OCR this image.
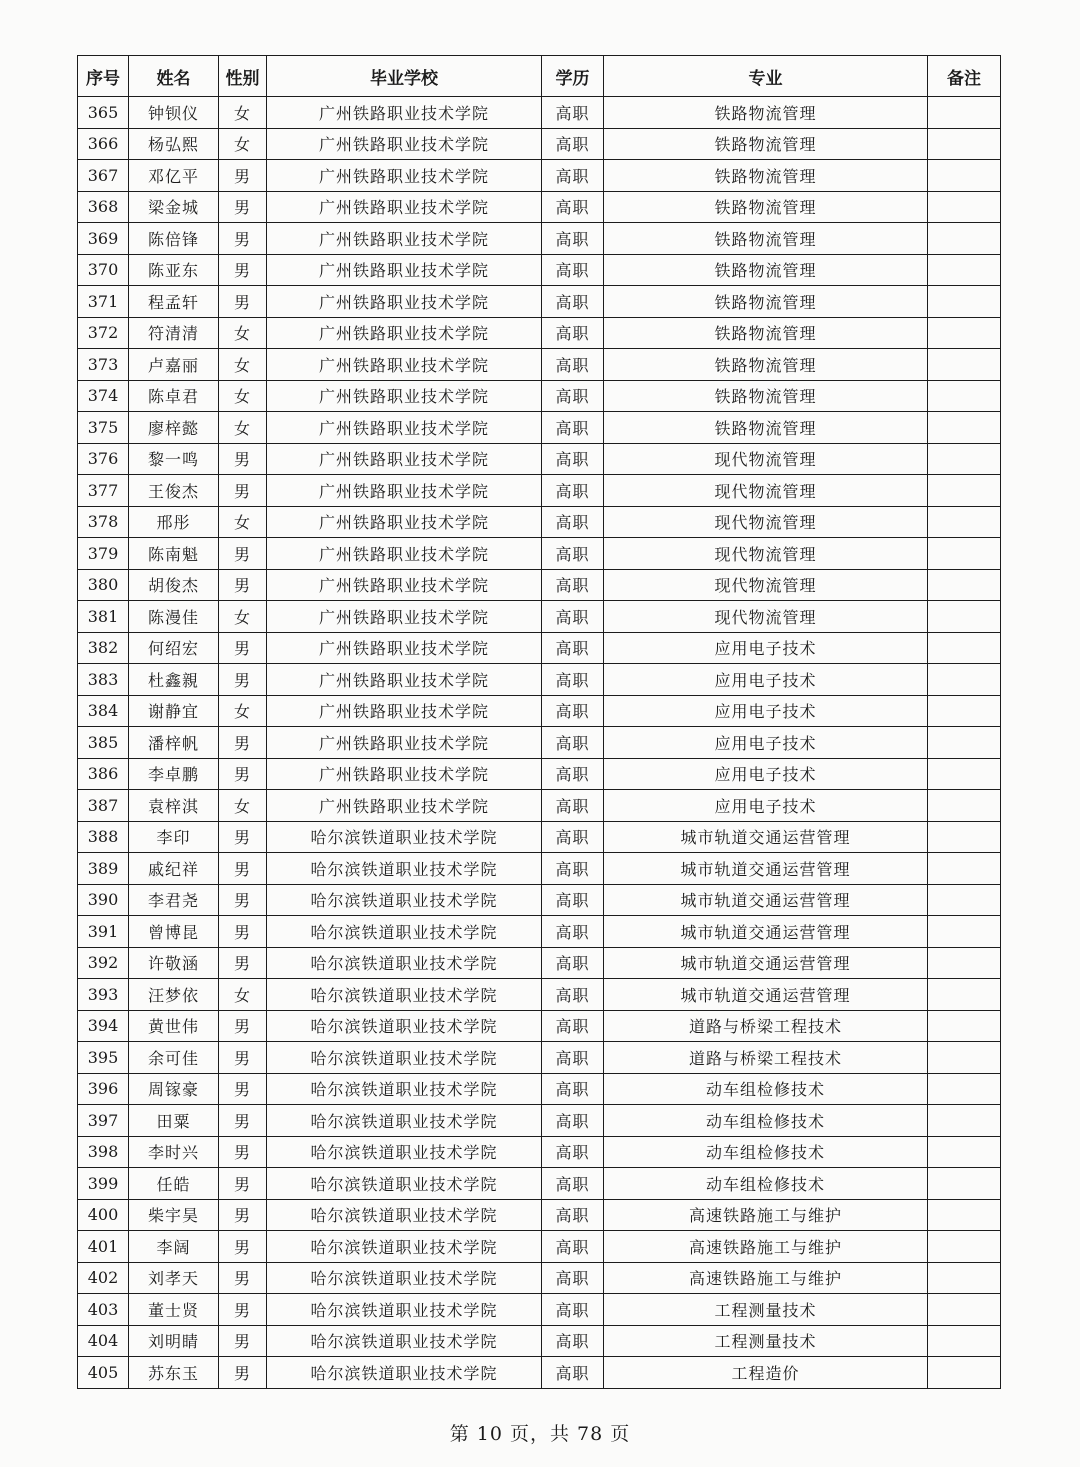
序号	姓名	性别	毕业学校	学历	专业	备注
365	钟钡仪	女	广州铁路职业技术学院	高职	铁路物流管理	
366	杨弘熙	女	广州铁路职业技术学院	高职	铁路物流管理	
367	邓亿平	男	广州铁路职业技术学院	高职	铁路物流管理	
368	梁金城	男	广州铁路职业技术学院	高职	铁路物流管理	
369	陈倍锋	男	广州铁路职业技术学院	高职	铁路物流管理	
370	陈亚东	男	广州铁路职业技术学院	高职	铁路物流管理	
371	程孟轩	男	广州铁路职业技术学院	高职	铁路物流管理	
372	符清清	女	广州铁路职业技术学院	高职	铁路物流管理	
373	卢嘉丽	女	广州铁路职业技术学院	高职	铁路物流管理	
374	陈卓君	女	广州铁路职业技术学院	高职	铁路物流管理	
375	廖梓懿	女	广州铁路职业技术学院	高职	铁路物流管理	
376	黎一鸣	男	广州铁路职业技术学院	高职	现代物流管理	
377	王俊杰	男	广州铁路职业技术学院	高职	现代物流管理	
378	邢彤	女	广州铁路职业技术学院	高职	现代物流管理	
379	陈南魁	男	广州铁路职业技术学院	高职	现代物流管理	
380	胡俊杰	男	广州铁路职业技术学院	高职	现代物流管理	
381	陈漫佳	女	广州铁路职业技术学院	高职	现代物流管理	
382	何绍宏	男	广州铁路职业技术学院	高职	应用电子技术	
383	杜鑫親	男	广州铁路职业技术学院	高职	应用电子技术	
384	谢静宜	女	广州铁路职业技术学院	高职	应用电子技术	
385	潘梓帆	男	广州铁路职业技术学院	高职	应用电子技术	
386	李卓鹏	男	广州铁路职业技术学院	高职	应用电子技术	
387	袁梓淇	女	广州铁路职业技术学院	高职	应用电子技术	
388	李印	男	哈尔滨铁道职业技术学院	高职	城市轨道交通运营管理	
389	戚纪祥	男	哈尔滨铁道职业技术学院	高职	城市轨道交通运营管理	
390	李君尧	男	哈尔滨铁道职业技术学院	高职	城市轨道交通运营管理	
391	曾博昆	男	哈尔滨铁道职业技术学院	高职	城市轨道交通运营管理	
392	许敬涵	男	哈尔滨铁道职业技术学院	高职	城市轨道交通运营管理	
393	汪梦依	女	哈尔滨铁道职业技术学院	高职	城市轨道交通运营管理	
394	黄世伟	男	哈尔滨铁道职业技术学院	高职	道路与桥梁工程技术	
395	余可佳	男	哈尔滨铁道职业技术学院	高职	道路与桥梁工程技术	
396	周镓豪	男	哈尔滨铁道职业技术学院	高职	动车组检修技术	
397	田粟	男	哈尔滨铁道职业技术学院	高职	动车组检修技术	
398	李时兴	男	哈尔滨铁道职业技术学院	高职	动车组检修技术	
399	任皓	男	哈尔滨铁道职业技术学院	高职	动车组检修技术	
400	柴宇昊	男	哈尔滨铁道职业技术学院	高职	高速铁路施工与维护	
401	李阔	男	哈尔滨铁道职业技术学院	高职	高速铁路施工与维护	
402	刘孝天	男	哈尔滨铁道职业技术学院	高职	高速铁路施工与维护	
403	董士贤	男	哈尔滨铁道职业技术学院	高职	工程测量技术	
404	刘明睛	男	哈尔滨铁道职业技术学院	高职	工程测量技术	
405	苏东玉	男	哈尔滨铁道职业技术学院	高职	工程造价	
第 10 页，共 78 页
